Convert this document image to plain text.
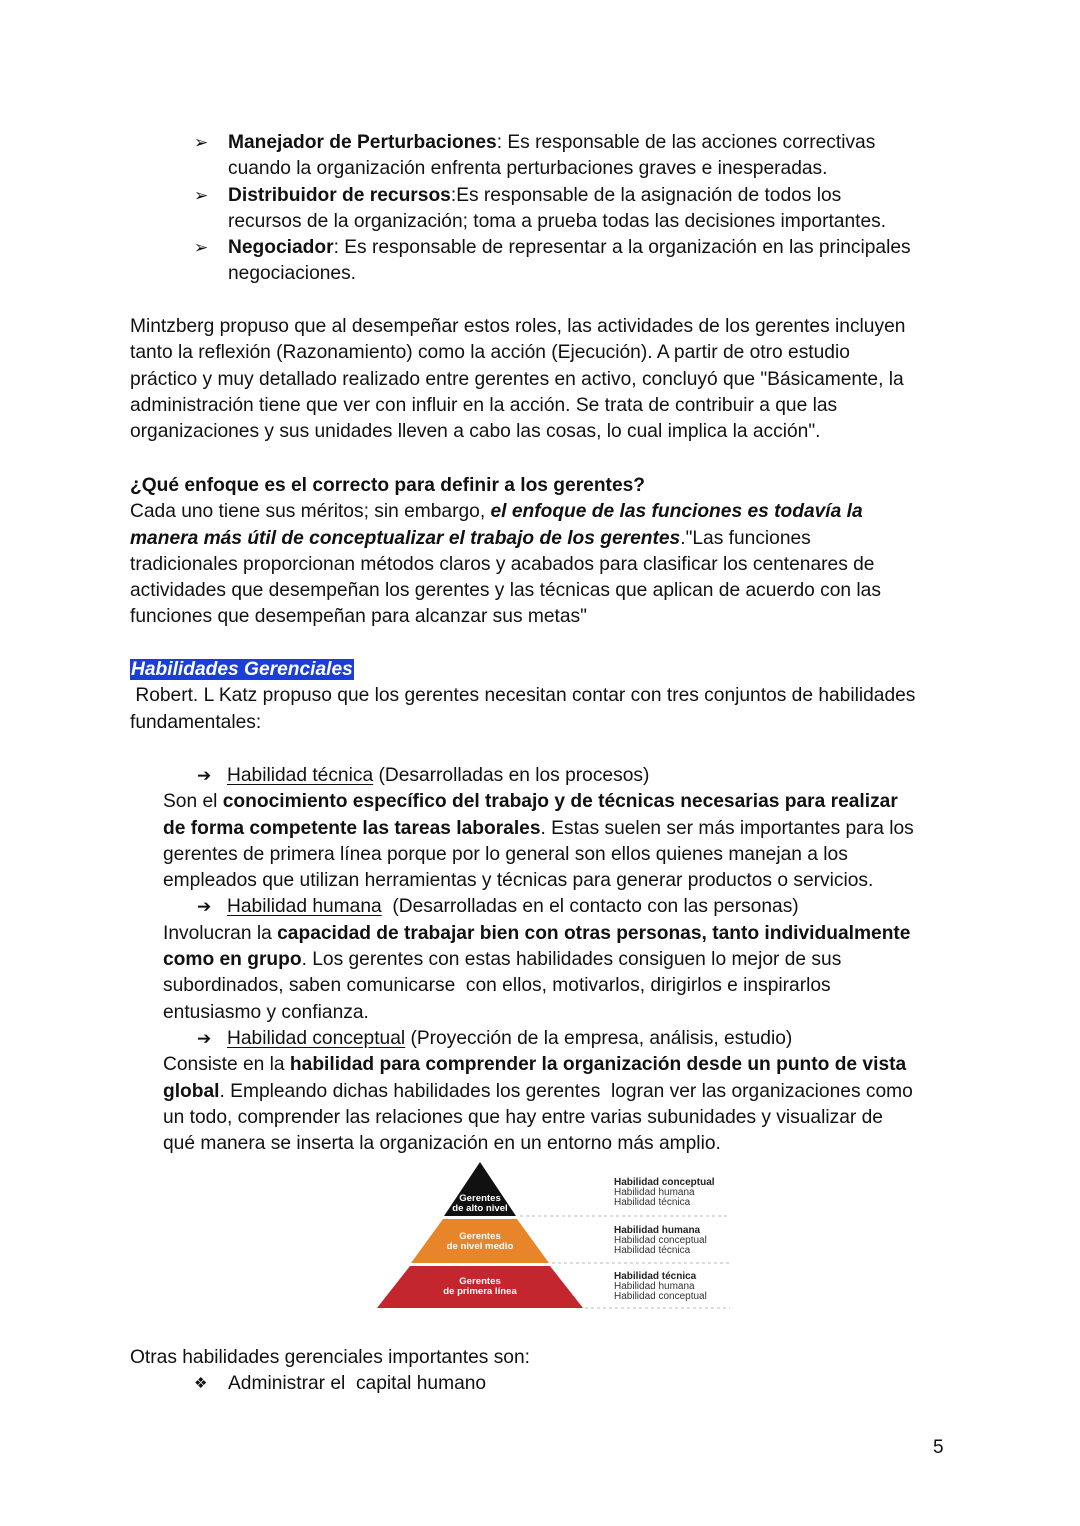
➢ Manejador de Perturbaciones: Es responsable de las acciones correctivas
cuando la organización enfrenta perturbaciones graves e inesperadas.
➢ Distribuidor de recursos:Es responsable de la asignación de todos los
recursos de la organización; toma a prueba todas las decisiones importantes.
➢ Negociador: Es responsable de representar a la organización en las principales
negociaciones.
Mintzberg propuso que al desempeñar estos roles, las actividades de los gerentes incluyen
tanto la reflexión (Razonamiento) como la acción (Ejecución). A partir de otro estudio
práctico y muy detallado realizado entre gerentes en activo, concluyó que "Básicamente, la
administración tiene que ver con influir en la acción. Se trata de contribuir a que las
organizaciones y sus unidades lleven a cabo las cosas, lo cual implica la acción".
¿Qué enfoque es el correcto para definir a los gerentes?
Cada uno tiene sus méritos; sin embargo, el enfoque de las funciones es todavía la
manera más útil de conceptualizar el trabajo de los gerentes."Las funciones
tradicionales proporcionan métodos claros y acabados para clasificar los centenares de
actividades que desempeñan los gerentes y las técnicas que aplican de acuerdo con las
funciones que desempeñan para alcanzar sus metas"
Habilidades Gerenciales
Robert. L Katz propuso que los gerentes necesitan contar con tres conjuntos de habilidades
fundamentales:
➔ Habilidad técnica (Desarrolladas en los procesos)
Son el conocimiento específico del trabajo y de técnicas necesarias para realizar
de forma competente las tareas laborales. Estas suelen ser más importantes para los
gerentes de primera línea porque por lo general son ellos quienes manejan a los
empleados que utilizan herramientas y técnicas para generar productos o servicios.
➔ Habilidad humana  (Desarrolladas en el contacto con las personas)
Involucran la capacidad de trabajar bien con otras personas, tanto individualmente
como en grupo. Los gerentes con estas habilidades consiguen lo mejor de sus
subordinados, saben comunicarse  con ellos, motivarlos, dirigirlos e inspirarlos
entusiasmo y confianza.
➔ Habilidad conceptual (Proyección de la empresa, análisis, estudio)
Consiste en la habilidad para comprender la organización desde un punto de vista
global. Empleando dichas habilidades los gerentes  logran ver las organizaciones como
un todo, comprender las relaciones que hay entre varias subunidades y visualizar de
qué manera se inserta la organización en un entorno más amplio.
Gerentes
de alto nivel
Gerentes
de nivel medio
Gerentes
de primera línea
Habilidad conceptual
Habilidad humana
Habilidad técnica
Habilidad humana
Habilidad conceptual
Habilidad técnica
Habilidad técnica
Habilidad humana
Habilidad conceptual
Otras habilidades gerenciales importantes son:
❖ Administrar el  capital humano
5
